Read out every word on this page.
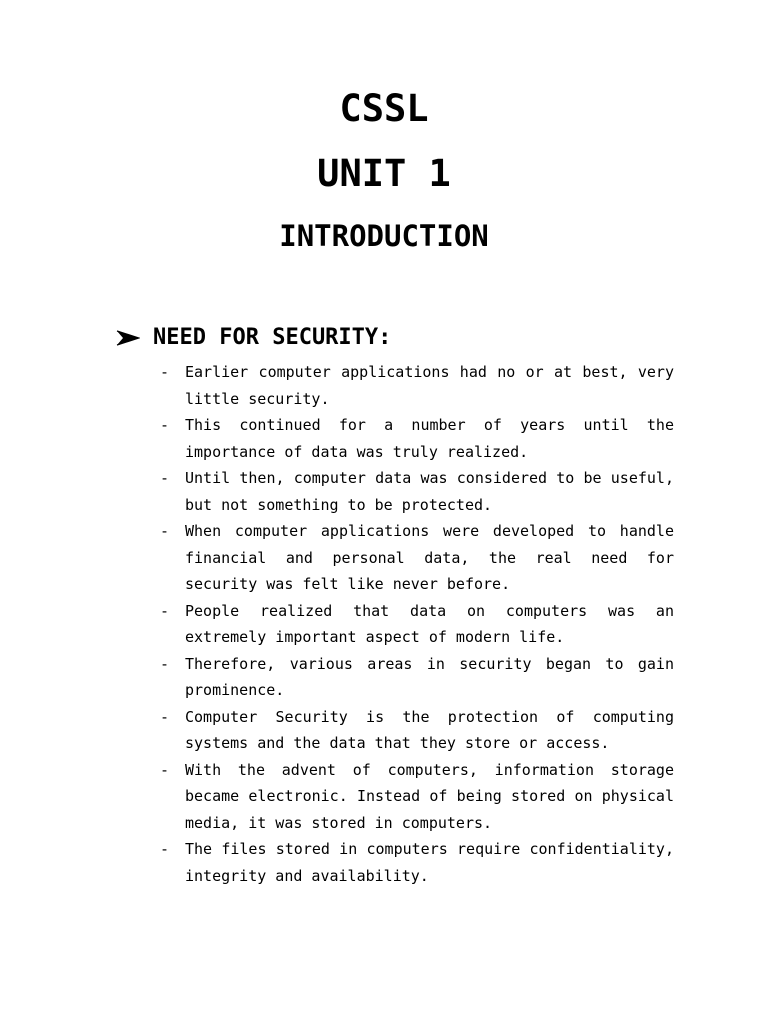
CSSL
UNIT 1
INTRODUCTION
NEED FOR SECURITY:
-	Earlier computer applications had no or at best, very little security.
-	This continued for a number of years until the importance of data was truly realized.
-	Until then, computer data was considered to be useful, but not something to be protected.
-	When computer applications were developed to handle financial and personal data, the real need for security was felt like never before.
-	People realized that data on computers was an extremely important aspect of modern life.
-	Therefore, various areas in security began to gain prominence.
-	Computer Security is the protection of computing systems and the data that they store or access.
-	With the advent of computers, information storage became electronic. Instead of being stored on physical media, it was stored in computers.
-	The files stored in computers require confidentiality, integrity and availability.
